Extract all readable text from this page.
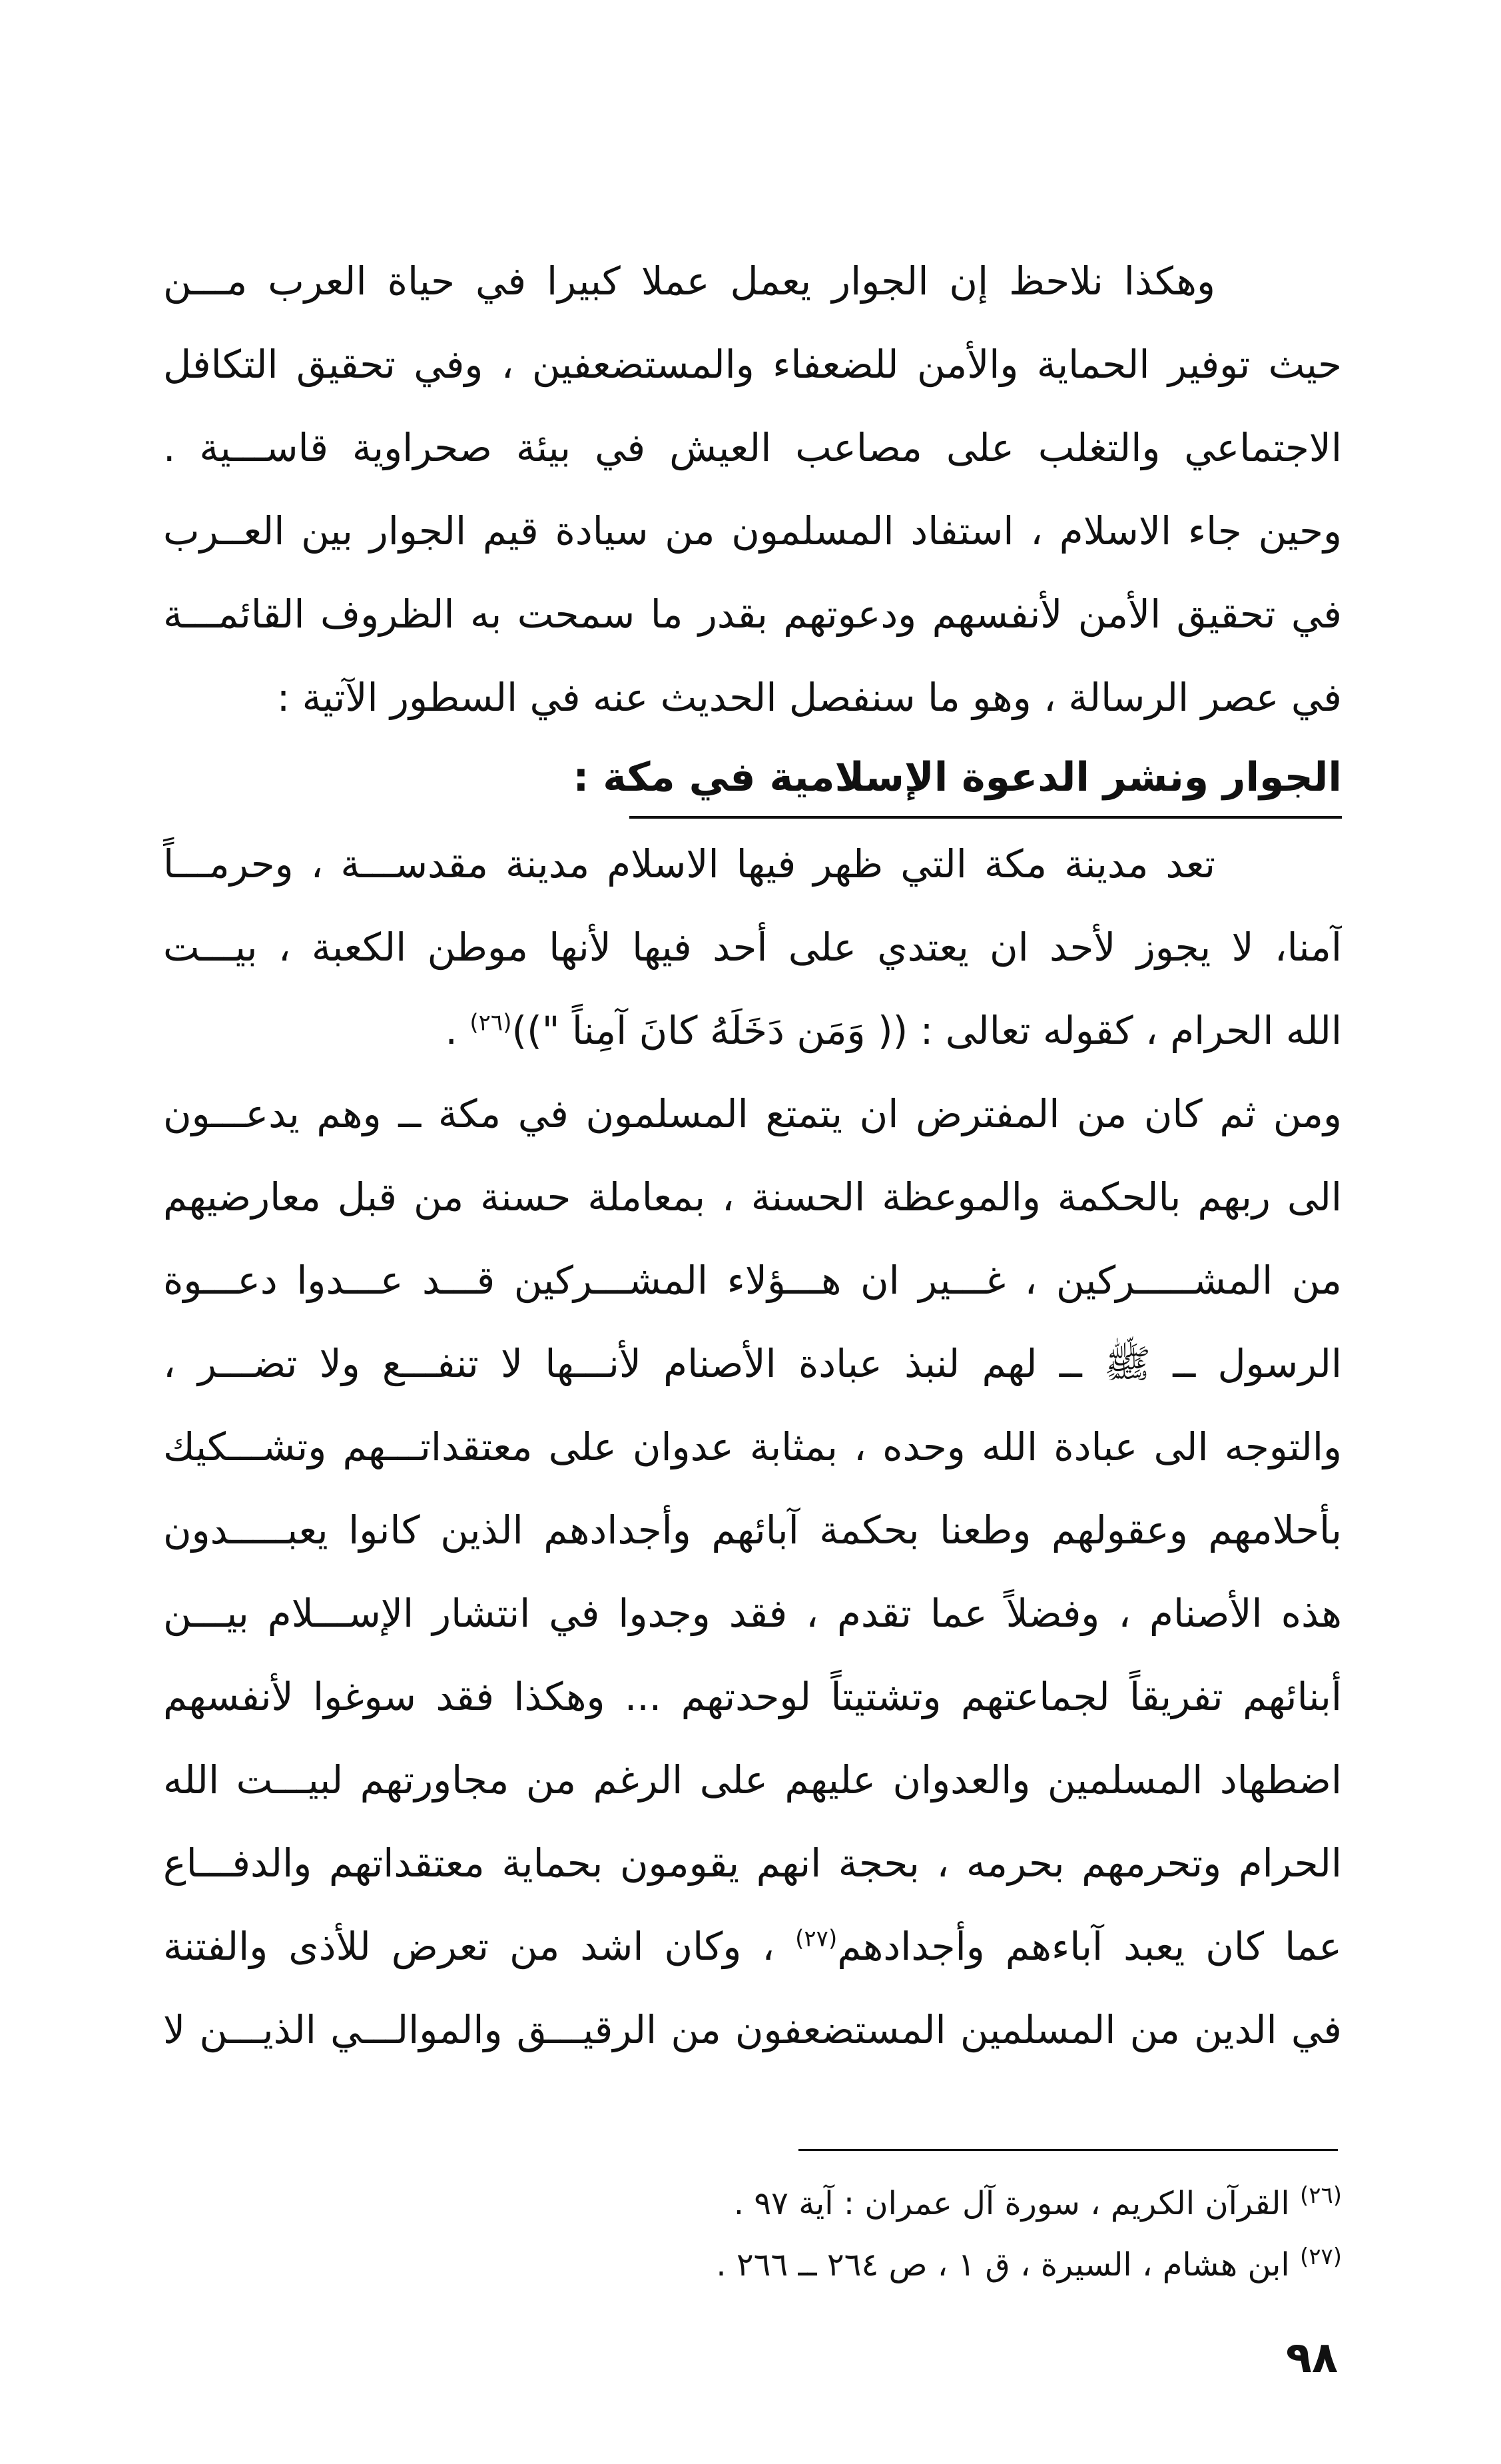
وهكذا نلاحظ إن الجوار يعمل عملا كبيرا في حياة العرب مـــن
حيث توفير الحماية والأمن للضعفاء والمستضعفين ، وفي تحقيق التكافل
الاجتماعي والتغلب على مصاعب العيش في بيئة صحراوية قاســـية .
وحين جاء الاسلام ، استفاد المسلمون من سيادة قيم الجوار بين العــرب
في تحقيق الأمن لأنفسهم ودعوتهم بقدر ما سمحت به الظروف القائمـــة
في عصر الرسالة ، وهو ما سنفصل الحديث عنه في السطور الآتية :
الجوار ونشر الدعوة الإسلامية في مكة :
تعد مدينة مكة التي ظهر فيها الاسلام مدينة مقدســـة ، وحرمـــاً
آمنا، لا يجوز لأحد ان يعتدي على أحد فيها لأنها موطن الكعبة ، بيـــت
الله الحرام ، كقوله تعالى : (( وَمَن دَخَلَهُ كانَ آمِناً "))$^{(٢٦)}$ .
ومن ثم كان من المفترض ان يتمتع المسلمون في مكة ــ وهم يدعـــون
الى ربهم بالحكمة والموعظة الحسنة ، بمعاملة حسنة من قبل معارضيهم
من المشـــــركين ، غـــير ان هـــؤلاء المشـــركين قـــد عـــدوا دعـــوة
الرسول ــ ﷺ ــ لهم لنبذ عبادة الأصنام لأنـــها لا تنفـــع ولا تضـــر ،
والتوجه الى عبادة الله وحده ، بمثابة عدوان على معتقداتـــهم وتشـــكيك
بأحلامهم وعقولهم وطعنا بحكمة آبائهم وأجدادهم الذين كانوا يعبـــــدون
هذه الأصنام ، وفضلاً عما تقدم ، فقد وجدوا في انتشار الإســـلام بيـــن
أبنائهم تفريقاً لجماعتهم وتشتيتاً لوحدتهم ... وهكذا فقد سوغوا لأنفسهم
اضطهاد المسلمين والعدوان عليهم على الرغم من مجاورتهم لبيـــت الله
الحرام وتحرمهم بحرمه ، بحجة انهم يقومون بحماية معتقداتهم والدفـــاع
عما كان يعبد آباءهم وأجدادهم$^{(٢٧)}$ ، وكان اشد من تعرض للأذى والفتنة
في الدين من المسلمين المستضعفون من الرقيـــق والموالـــي الذيـــن لا
$^{(٢٦)}$ القرآن الكريم ، سورة آل عمران : آية ٩٧ .
$^{(٢٧)}$ ابن هشام ، السيرة ، ق ١ ، ص ٢٦٤ ــ ٢٦٦ .
٩٨
